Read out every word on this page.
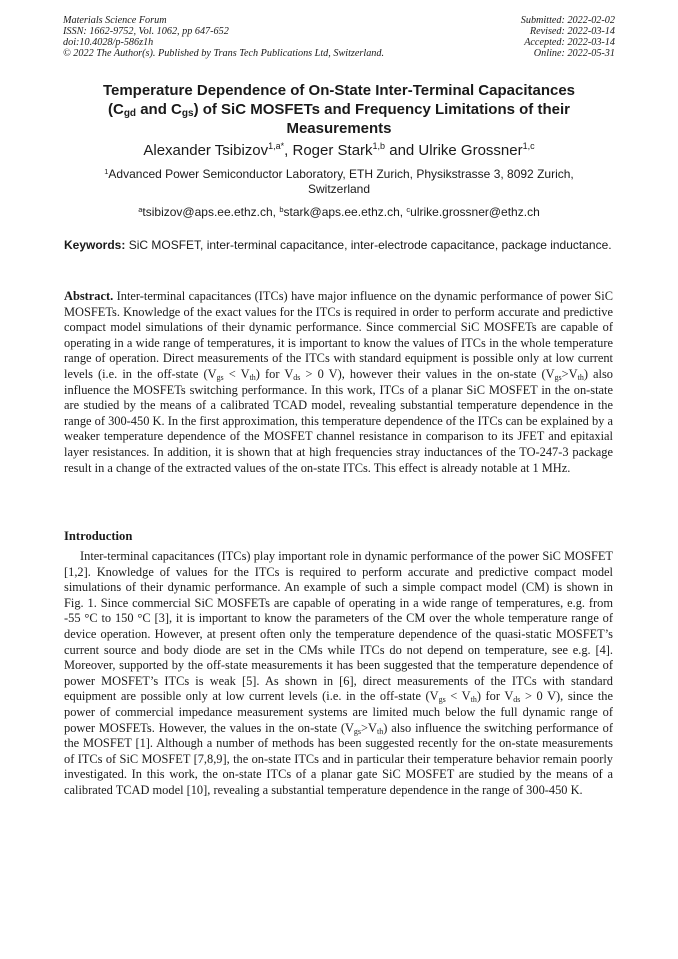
Materials Science Forum
ISSN: 1662-9752, Vol. 1062, pp 647-652
doi:10.4028/p-586z1h
© 2022 The Author(s). Published by Trans Tech Publications Ltd, Switzerland.
Submitted: 2022-02-02
Revised: 2022-03-14
Accepted: 2022-03-14
Online: 2022-05-31
Temperature Dependence of On-State Inter-Terminal Capacitances
($C_{gd}$ and $C_{gs}$) of SiC MOSFETs and Frequency Limitations of their
Measurements
Alexander Tsibizov$^{1,a*}$, Roger Stark$^{1,b}$ and Ulrike Grossner$^{1,c}$
$^1$Advanced Power Semiconductor Laboratory, ETH Zurich, Physikstrasse 3, 8092 Zurich, Switzerland
$^a$tsibizov@aps.ee.ethz.ch, $^b$stark@aps.ee.ethz.ch, $^c$ulrike.grossner@ethz.ch
Keywords: SiC MOSFET, inter-terminal capacitance, inter-electrode capacitance, package inductance.
Abstract. Inter-terminal capacitances (ITCs) have major influence on the dynamic performance of power SiC MOSFETs. Knowledge of the exact values for the ITCs is required in order to perform accurate and predictive compact model simulations of their dynamic performance. Since commercial SiC MOSFETs are capable of operating in a wide range of temperatures, it is important to know the values of ITCs in the whole temperature range of operation. Direct measurements of the ITCs with standard equipment is possible only at low current levels (i.e. in the off-state $(V_{gs} < V_{th})$ for $V_{ds} > 0$ V), however their values in the on-state $(V_{gs}>V_{th})$ also influence the MOSFETs switching performance. In this work, ITCs of a planar SiC MOSFET in the on-state are studied by the means of a calibrated TCAD model, revealing substantial temperature dependence in the range of 300-450 K. In the first approximation, this temperature dependence of the ITCs can be explained by a weaker temperature dependence of the MOSFET channel resistance in comparison to its JFET and epitaxial layer resistances. In addition, it is shown that at high frequencies stray inductances of the TO-247-3 package result in a change of the extracted values of the on-state ITCs. This effect is already notable at 1 MHz.
Introduction
Inter-terminal capacitances (ITCs) play important role in dynamic performance of the power SiC MOSFET [1,2]. Knowledge of values for the ITCs is required to perform accurate and predictive compact model simulations of their dynamic performance. An example of such a simple compact model (CM) is shown in Fig. 1. Since commercial SiC MOSFETs are capable of operating in a wide range of temperatures, e.g. from -55 °C to 150 °C [3], it is important to know the parameters of the CM over the whole temperature range of device operation. However, at present often only the temperature dependence of the quasi-static MOSFET’s current source and body diode are set in the CMs while ITCs do not depend on temperature, see e.g. [4]. Moreover, supported by the off-state measurements it has been suggested that the temperature dependence of power MOSFET’s ITCs is weak [5]. As shown in [6], direct measurements of the ITCs with standard equipment are possible only at low current levels (i.e. in the off-state $(V_{gs} < V_{th})$ for $V_{ds} > 0$ V), since the power of commercial impedance measurement systems are limited much below the full dynamic range of power MOSFETs. However, the values in the on-state $(V_{gs}>V_{th})$ also influence the switching performance of the MOSFET [1]. Although a number of methods has been suggested recently for the on-state measurements of ITCs of SiC MOSFET [7,8,9], the on-state ITCs and in particular their temperature behavior remain poorly investigated. In this work, the on-state ITCs of a planar gate SiC MOSFET are studied by the means of a calibrated TCAD model [10], revealing a substantial temperature dependence in the range of 300-450 K.
